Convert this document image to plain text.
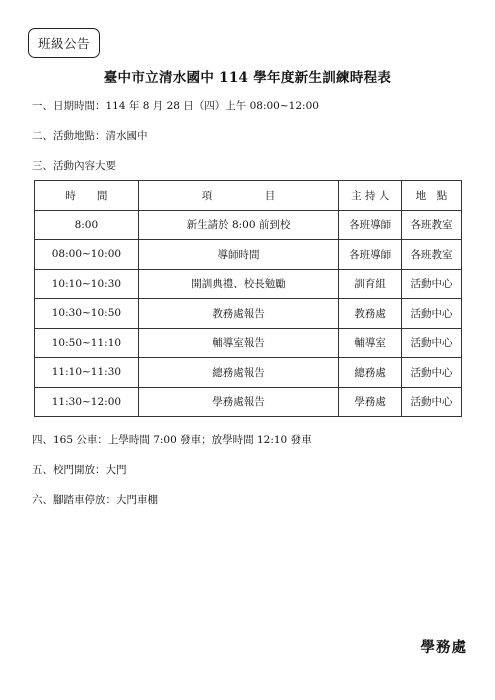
班級公告
臺中市立清水國中 114 學年度新生訓練時程表
一、日期時間：114 年 8 月 28 日（四）上午 08:00~12:00
二、活動地點：清水國中
三、活動內容大要
時　　間	項　　　　　目	主 持 人	地　點
8:00	新生請於 8:00 前到校	各班導師	各班教室
08:00~10:00	導師時間	各班導師	各班教室
10:10~10:30	開訓典禮、校長勉勵	訓育組	活動中心
10:30~10:50	教務處報告	教務處	活動中心
10:50~11:10	輔導室報告	輔導室	活動中心
11:10~11:30	總務處報告	總務處	活動中心
11:30~12:00	學務處報告	學務處	活動中心
四、165 公車：上學時間 7:00 發車；放學時間 12:10 發車
五、校門開放：大門
六、腳踏車停放：大門車棚
學務處
